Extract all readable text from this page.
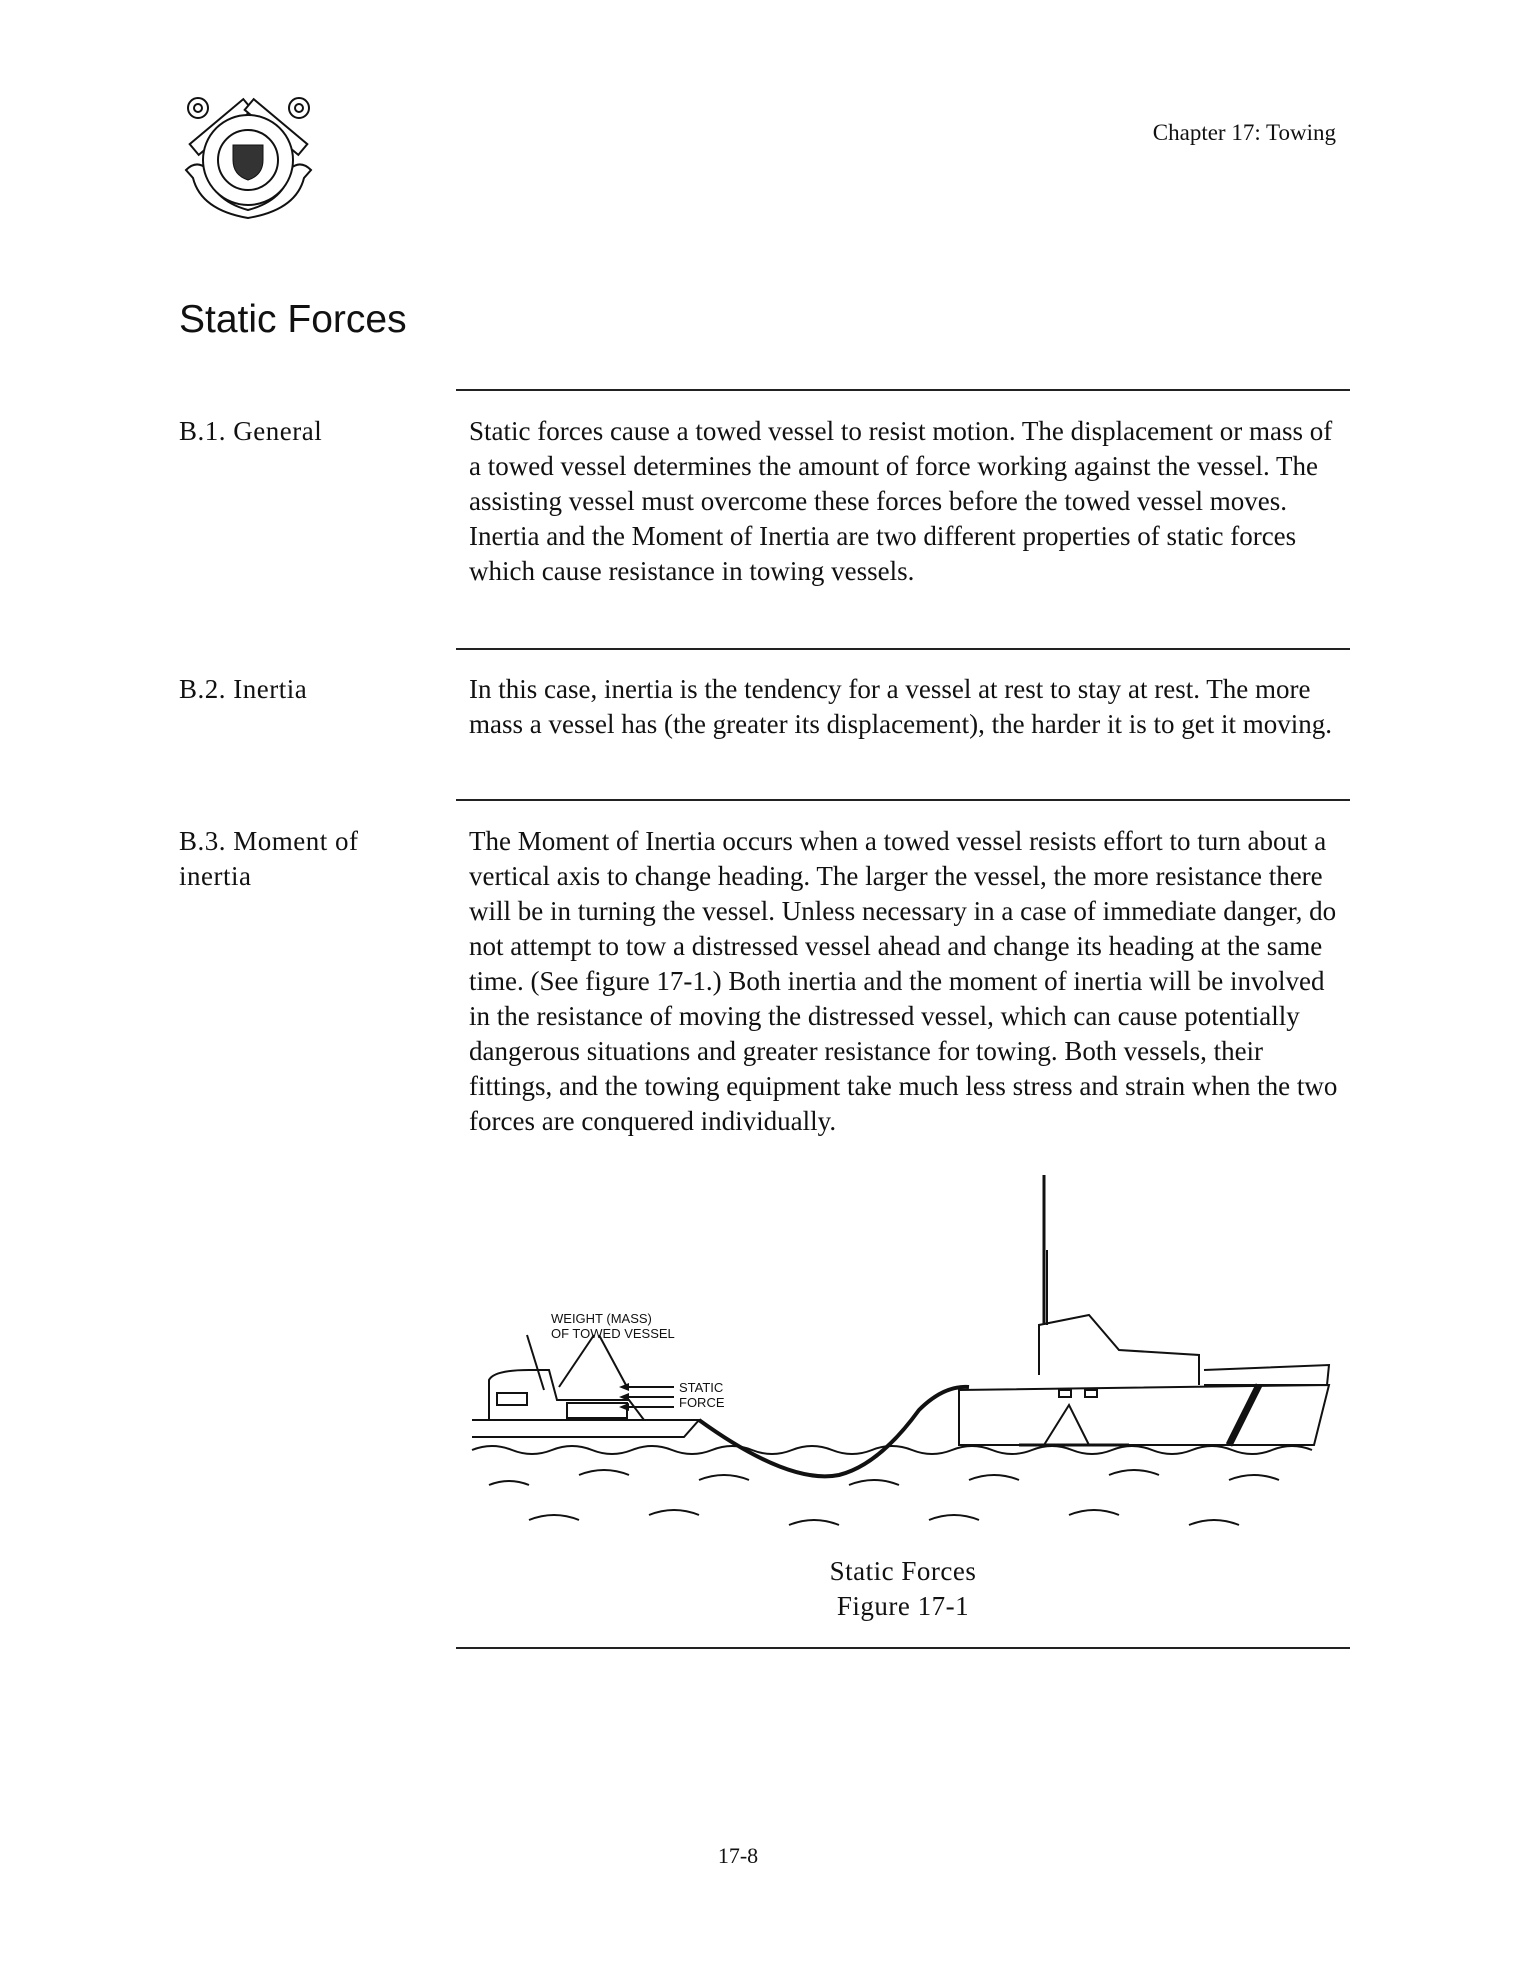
Chapter 17: Towing
Static Forces
B.1. General	Static forces cause a towed vessel to resist motion. The displacement or mass of a towed vessel determines the amount of force working against the vessel. The assisting vessel must overcome these forces before the towed vessel moves. Inertia and the Moment of Inertia are two different properties of static forces which cause resistance in towing vessels.
B.2. Inertia	In this case, inertia is the tendency for a vessel at rest to stay at rest. The more mass a vessel has (the greater its displacement), the harder it is to get it moving.
B.3. Moment of inertia
The Moment of Inertia occurs when a towed vessel resists effort to turn about a vertical axis to change heading. The larger the vessel, the more resistance there will be in turning the vessel. Unless necessary in a case of immediate danger, do not attempt to tow a distressed vessel ahead and change its heading at the same time. (See figure 17-1.) Both inertia and the moment of inertia will be involved in the resistance of moving the distressed vessel, which can cause potentially dangerous situations and greater resistance for towing. Both vessels, their fittings, and the towing equipment take much less stress and strain when the two forces are conquered individually.
WEIGHT (MASS)
OF TOWED VESSEL
STATIC
FORCE
Static Forces
Figure 17-1
17-8
